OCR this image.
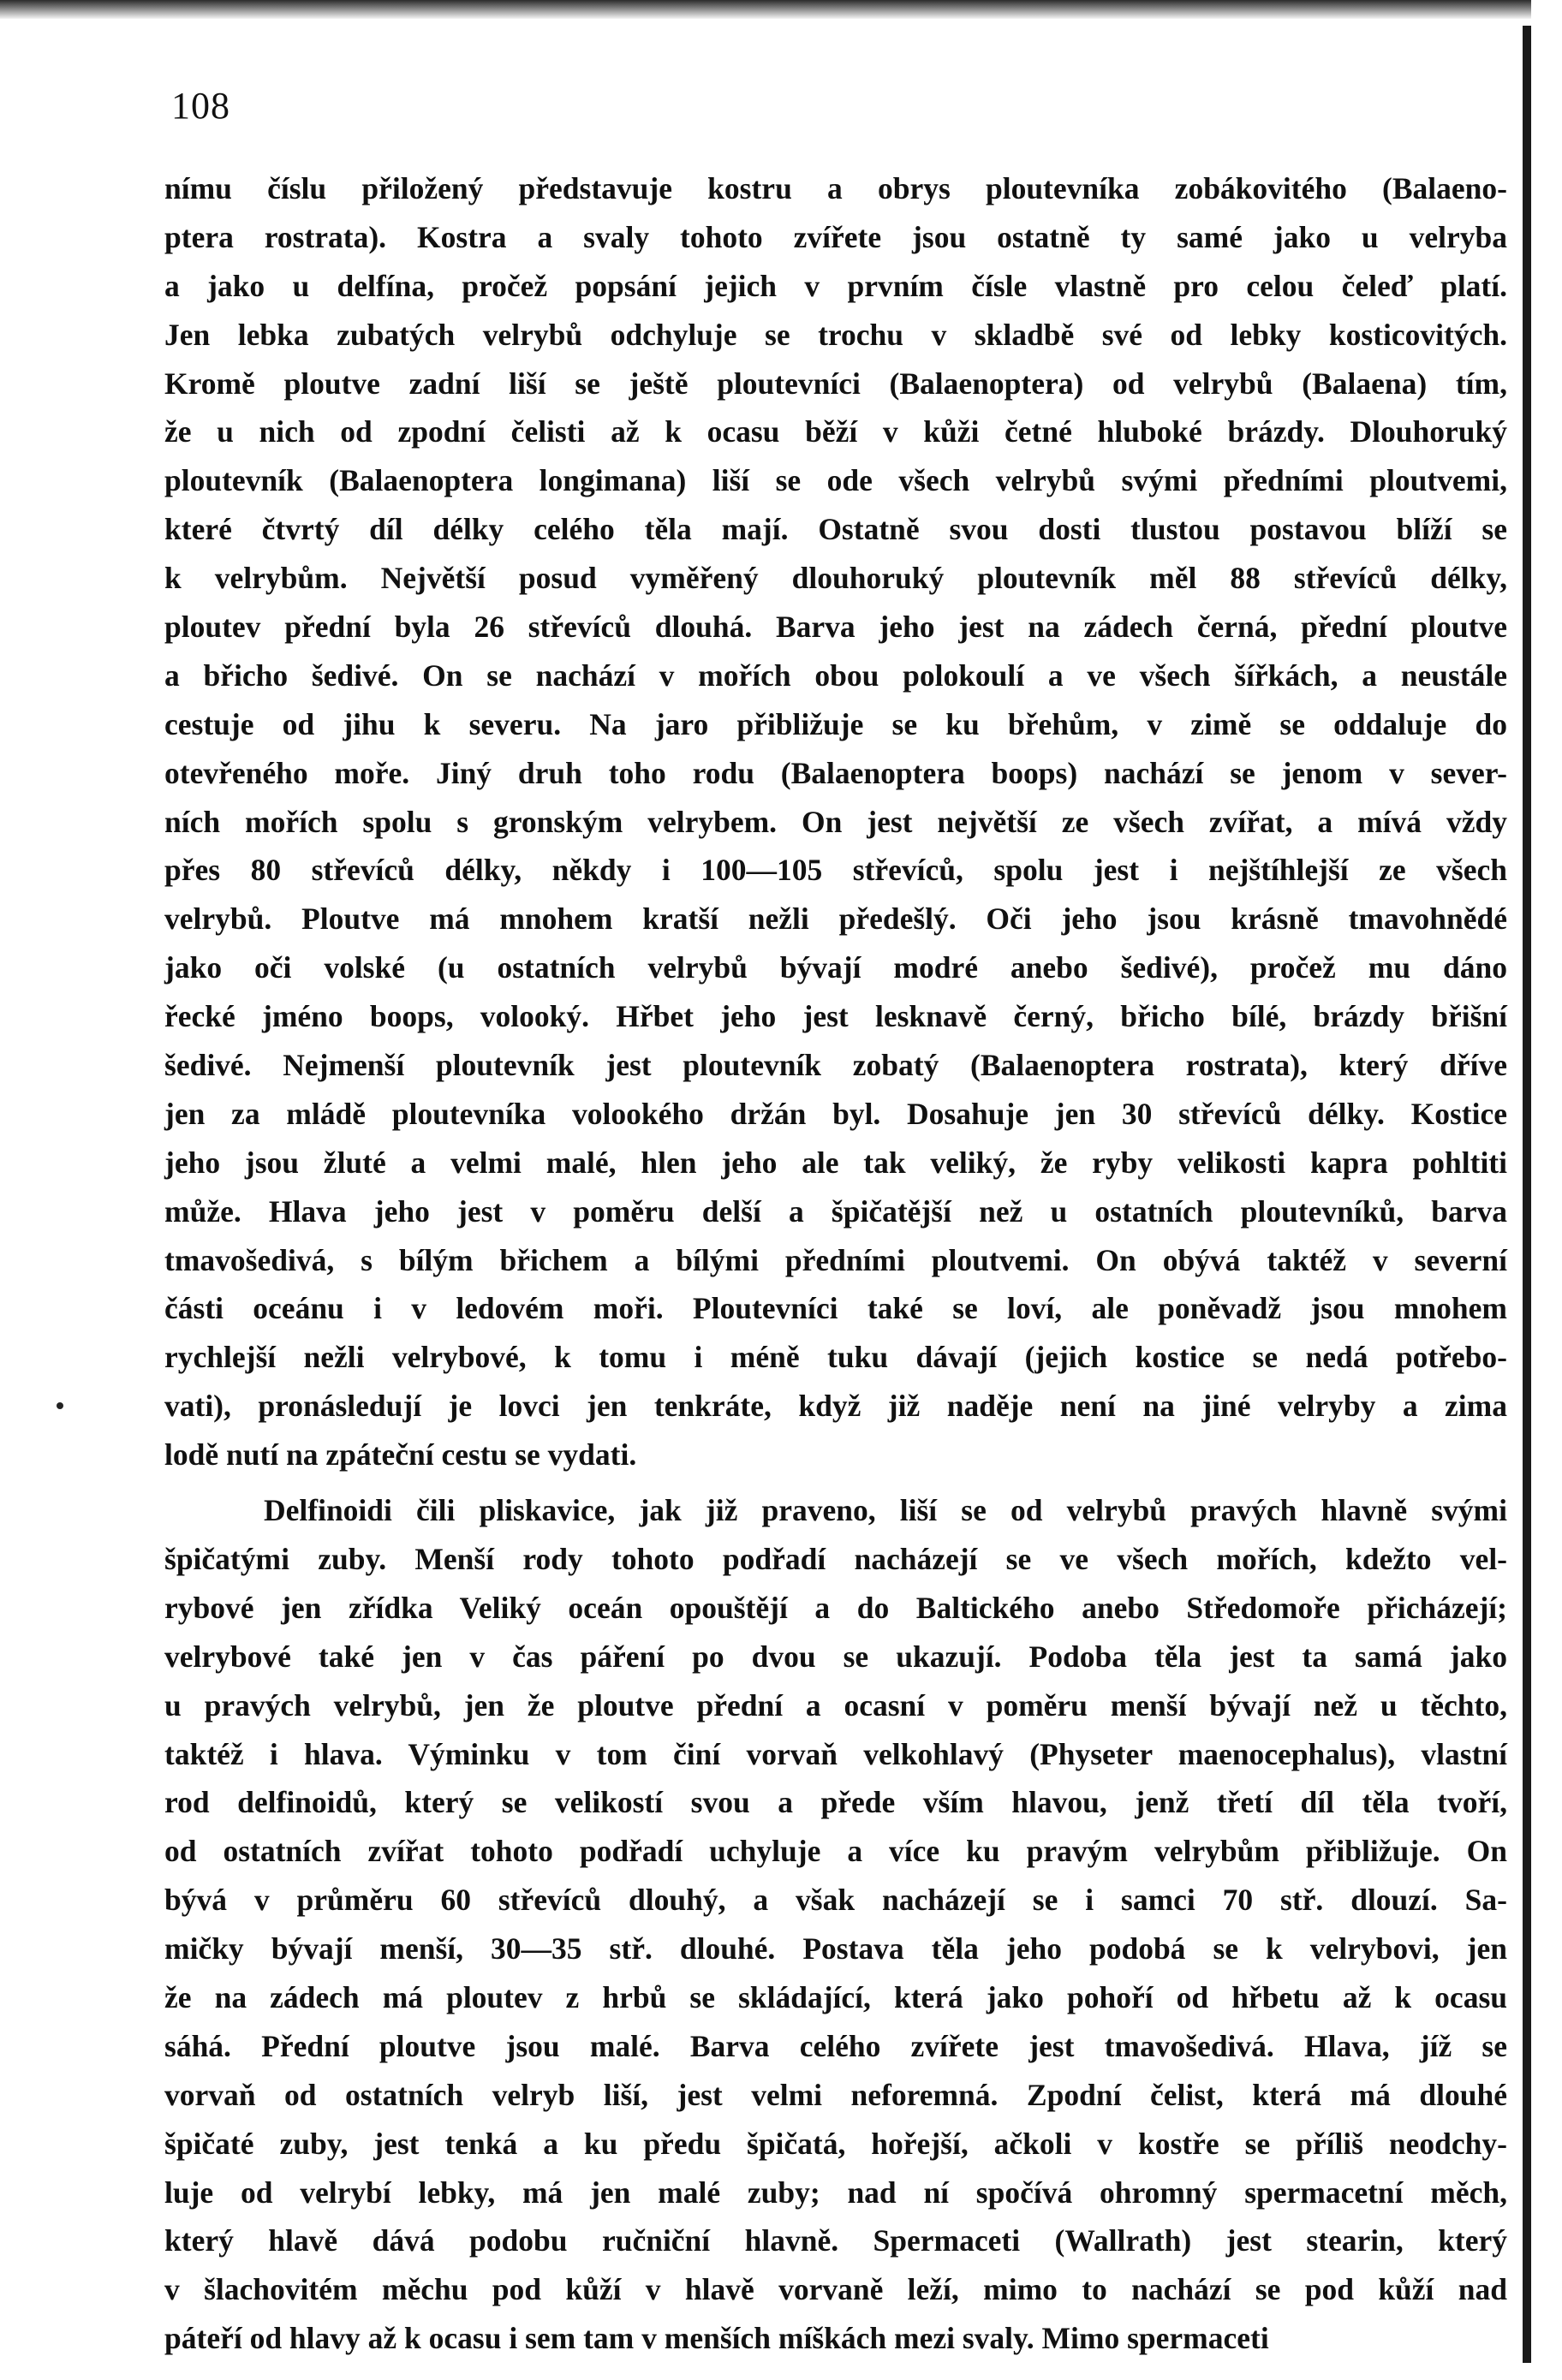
108
nímu číslu přiložený představuje kostru a obrys ploutevníka zobákovitého (Balaeno-
ptera rostrata). Kostra a svaly tohoto zvířete jsou ostatně ty samé jako u velryba
a jako u delfína, pročež popsání jejich v prvním čísle vlastně pro celou čeleď platí.
Jen lebka zubatých velrybů odchyluje se trochu v skladbě své od lebky kosticovitých.
Kromě ploutve zadní liší se ještě ploutevníci (Balaenoptera) od velrybů (Balaena) tím,
že u nich od zpodní čelisti až k ocasu běží v kůži četné hluboké brázdy. Dlouhoruký
ploutevník (Balaenoptera longimana) liší se ode všech velrybů svými předními ploutvemi,
které čtvrtý díl délky celého těla mají. Ostatně svou dosti tlustou postavou blíží se
k velrybům. Největší posud vyměřený dlouhoruký ploutevník měl 88 střevíců délky,
ploutev přední byla 26 střevíců dlouhá. Barva jeho jest na zádech černá, přední ploutve
a břicho šedivé. On se nachází v mořích obou polokoulí a ve všech šířkách, a neustále
cestuje od jihu k severu. Na jaro přibližuje se ku břehům, v zimě se oddaluje do
otevřeného moře. Jiný druh toho rodu (Balaenoptera boops) nachází se jenom v sever-
ních mořích spolu s gronským velrybem. On jest největší ze všech zvířat, a mívá vždy
přes 80 střevíců délky, někdy i 100—105 střevíců, spolu jest i nejštíhlejší ze všech
velrybů. Ploutve má mnohem kratší nežli předešlý. Oči jeho jsou krásně tmavohnědé
jako oči volské (u ostatních velrybů bývají modré anebo šedivé), pročež mu dáno
řecké jméno boops, volooký. Hřbet jeho jest lesknavě černý, břicho bílé, brázdy břišní
šedivé. Nejmenší ploutevník jest ploutevník zobatý (Balaenoptera rostrata), který dříve
jen za mládě ploutevníka volookého držán byl. Dosahuje jen 30 střevíců délky. Kostice
jeho jsou žluté a velmi malé, hlen jeho ale tak veliký, že ryby velikosti kapra pohltiti
může. Hlava jeho jest v poměru delší a špičatější než u ostatních ploutevníků, barva
tmavošedivá, s bílým břichem a bílými předními ploutvemi. On obývá taktéž v severní
části oceánu i v ledovém moři. Ploutevníci také se loví, ale poněvadž jsou mnohem
rychlejší nežli velrybové, k tomu i méně tuku dávají (jejich kostice se nedá potřebo-
vati), pronásledují je lovci jen tenkráte, když již naděje není na jiné velryby a zima
lodě nutí na zpáteční cestu se vydati.
Delfinoidi čili pliskavice, jak již praveno, liší se od velrybů pravých hlavně svými
špičatými zuby. Menší rody tohoto podřadí nacházejí se ve všech mořích, kdežto vel-
rybové jen zřídka Veliký oceán opouštějí a do Baltického anebo Středomoře přicházejí;
velrybové také jen v čas páření po dvou se ukazují. Podoba těla jest ta samá jako
u pravých velrybů, jen že ploutve přední a ocasní v poměru menší bývají než u těchto,
taktéž i hlava. Výminku v tom činí vorvaň velkohlavý (Physeter maenocephalus), vlastní
rod delfinoidů, který se velikostí svou a přede vším hlavou, jenž třetí díl těla tvoří,
od ostatních zvířat tohoto podřadí uchyluje a více ku pravým velrybům přibližuje. On
bývá v průměru 60 střevíců dlouhý, a však nacházejí se i samci 70 stř. dlouzí. Sa-
mičky bývají menší, 30—35 stř. dlouhé. Postava těla jeho podobá se k velrybovi, jen
že na zádech má ploutev z hrbů se skládající, která jako pohoří od hřbetu až k ocasu
sáhá. Přední ploutve jsou malé. Barva celého zvířete jest tmavošedivá. Hlava, jíž se
vorvaň od ostatních velryb liší, jest velmi neforemná. Zpodní čelist, která má dlouhé
špičaté zuby, jest tenká a ku předu špičatá, hořejší, ačkoli v kostře se příliš neodchy-
luje od velrybí lebky, má jen malé zuby; nad ní spočívá ohromný spermacetní měch,
který hlavě dává podobu ručniční hlavně. Spermaceti (Wallrath) jest stearin, který
v šlachovitém měchu pod kůží v hlavě vorvaně leží, mimo to nachází se pod kůží nad
páteří od hlavy až k ocasu i sem tam v menších míškách mezi svaly. Mimo spermaceti
